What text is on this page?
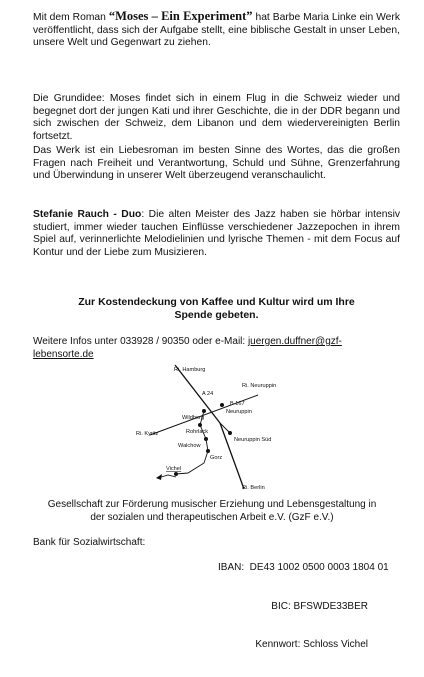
Mit dem Roman “Moses – Ein Experiment” hat Barbe Maria Linke ein Werk veröffentlicht, dass sich der Aufgabe stellt, eine biblische Gestalt in unser Leben, unsere Welt und Gegenwart zu ziehen.

Die Grundidee: Moses findet sich in einem Flug in die Schweiz wieder und begegnet dort der jungen Kati und ihrer Geschichte, die in der DDR begann und sich zwischen der Schweiz, dem Libanon und dem wiedervereinigten Berlin fortsetzt.

Das Werk ist ein Liebesroman im besten Sinne des Wortes, das die großen Fragen nach Freiheit und Verantwortung, Schuld und Sühne, Grenzerfahrung und Überwindung in unserer Welt überzeugend veranschaulicht.

Stefanie Rauch - Duo: Die alten Meister des Jazz haben sie hörbar intensiv studiert, immer wieder tauchen Einflüsse verschiedener Jazzepochen in ihrem Spiel auf, verinnerlichte Melodielinien und lyrische Themen - mit dem Focus auf Kontur und der Liebe zum Musizieren.

Zur Kostendeckung von Kaffee und Kultur wird um Ihre
Spende gebeten.
Weitere Infos unter 033928 / 90350 oder e-Mail: juergen.duffner@gzf-
lebensorte.de
Ri. Hamburg
A 24
Ri. Neuruppin
B 167
Neuruppin
Wildberg
Ri. Kyritz	Rohrlack
Walchow
Neuruppin Süd
Gorz
Vichel
Ri. Berlin
Gesellschaft zur Förderung musischer Erziehung und Lebensgestaltung in
der sozialen und therapeutischen Arbeit e.V. (GzF e.V.)
Bank für Sozialwirtschaft:

IBAN:  DE43 1002 0500 0003 1804 01

BIC: BFSWDE33BER

Kennwort: Schloss Vichel
